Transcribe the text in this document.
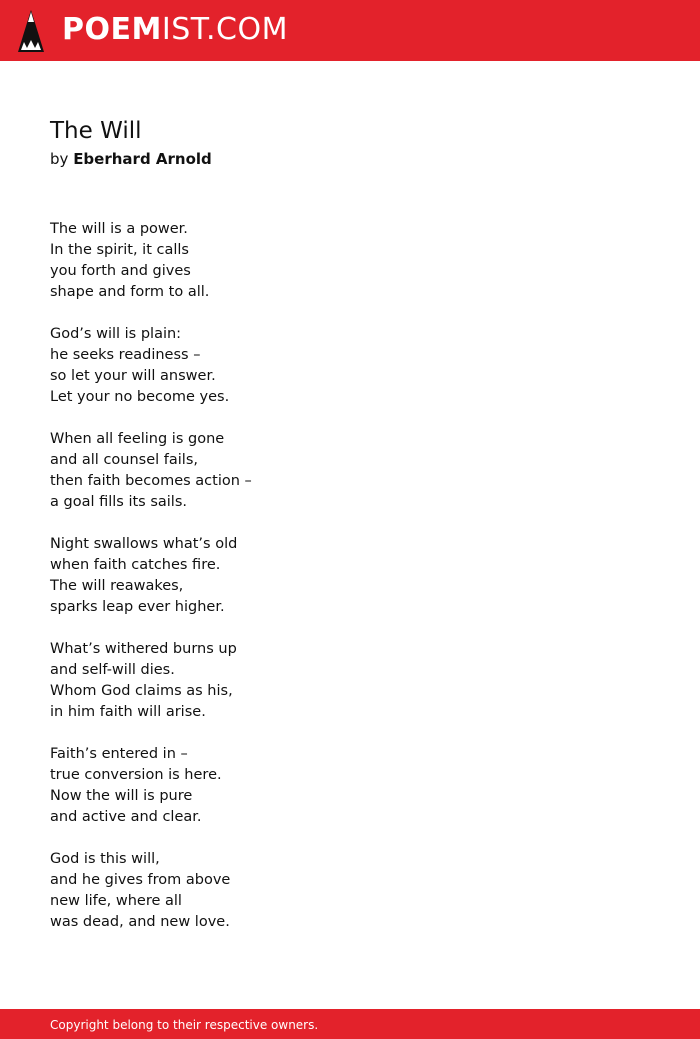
POEMIST.COM
The Will
by Eberhard Arnold
The will is a power.
In the spirit, it calls
you forth and gives
shape and form to all.
God’s will is plain:
he seeks readiness –
so let your will answer.
Let your no become yes.
When all feeling is gone
and all counsel fails,
then faith becomes action –
a goal fills its sails.
Night swallows what’s old
when faith catches fire.
The will reawakes,
sparks leap ever higher.
What’s withered burns up
and self-will dies.
Whom God claims as his,
in him faith will arise.
Faith’s entered in –
true conversion is here.
Now the will is pure
and active and clear.
God is this will,
and he gives from above
new life, where all
was dead, and new love.
Copyright belong to their respective owners.
